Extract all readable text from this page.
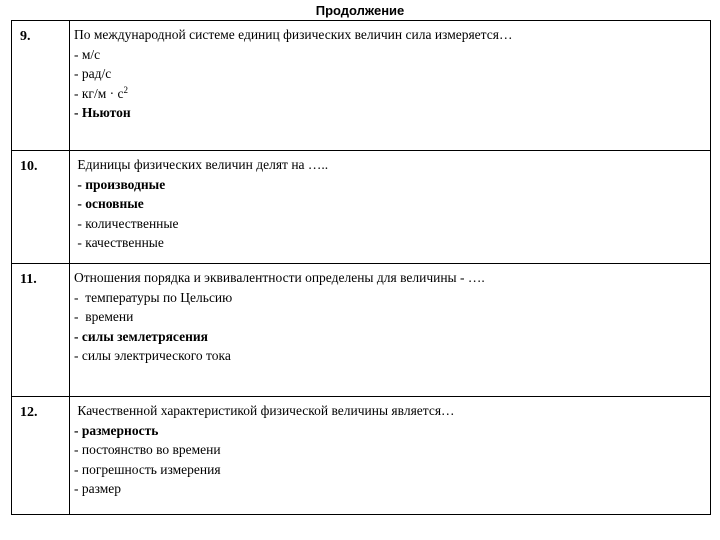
Продолжение
9.	По международной системе единиц физических величин сила измеряется…
- м/с
- рад/с
- $кг/м \cdot с^2$
- Ньютон

10.	Единицы физических величин делят на …..
- производные
- основные
- количественные
- качественные

11.	Отношения порядка и эквивалентности определены для величины - ….
-  температуры по Цельсию
-  времени
- силы землетрясения
- силы электрического тока

12.	Качественной характеристикой физической величины является…
- размерность
- постоянство во времени
- погрешность измерения
- размер
